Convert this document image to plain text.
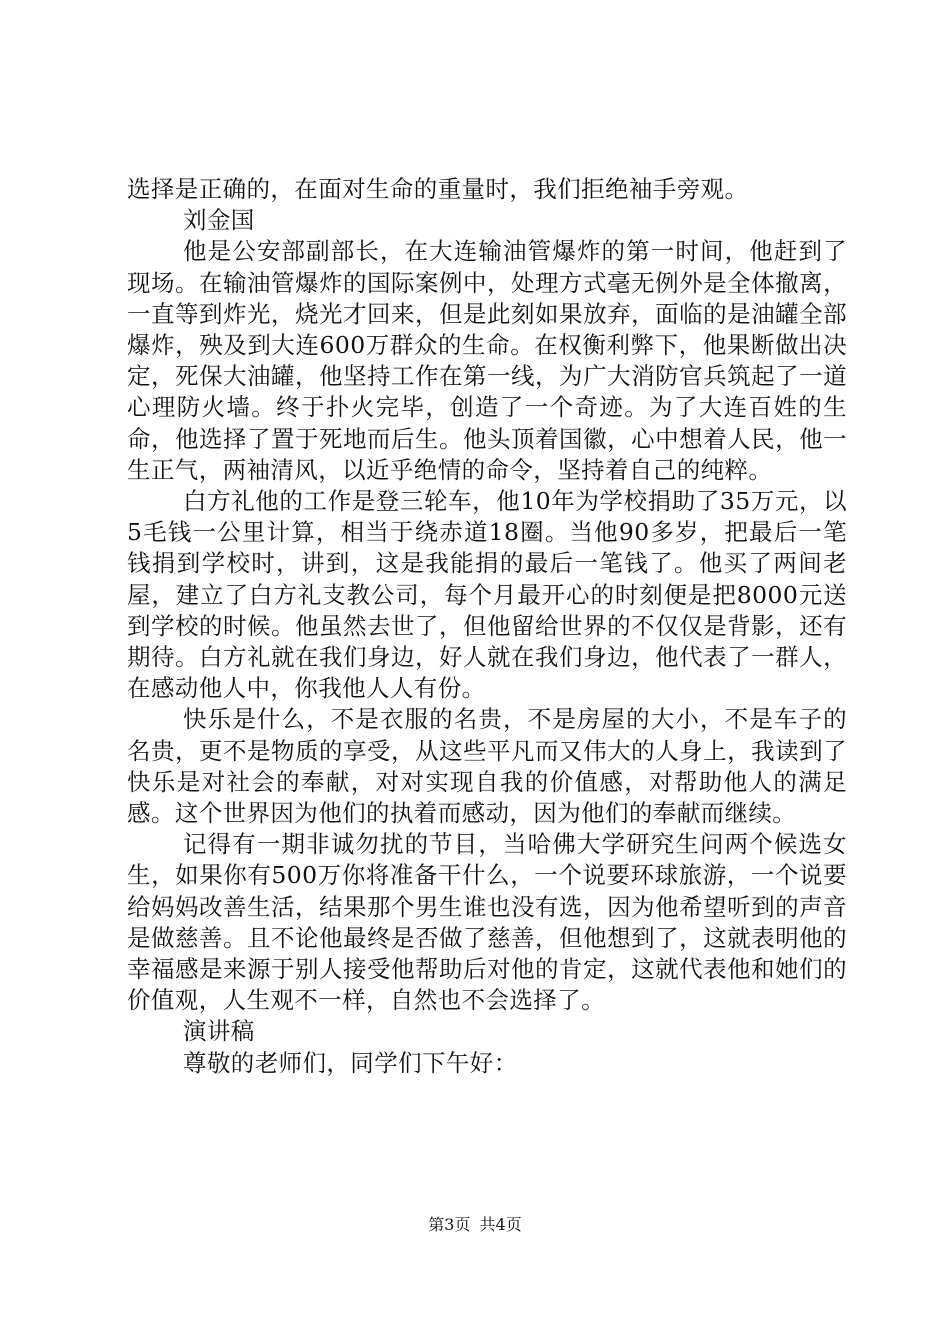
选择是正确的，在面对生命的重量时，我们拒绝袖手旁观。

刘金国

他是公安部副部长，在大连输油管爆炸的第一时间，他赶到了现场。在输油管爆炸的国际案例中，处理方式毫无例外是全体撤离，一直等到炸光，烧光才回来，但是此刻如果放弃，面临的是油罐全部爆炸，殃及到大连600万群众的生命。在权衡利弊下，他果断做出决定，死保大油罐，他坚持工作在第一线，为广大消防官兵筑起了一道心理防火墙。终于扑火完毕，创造了一个奇迹。为了大连百姓的生命，他选择了置于死地而后生。他头顶着国徽，心中想着人民，他一生正气，两袖清风，以近乎绝情的命令，坚持着自己的纯粹。

白方礼他的工作是登三轮车，他10年为学校捐助了35万元，以5毛钱一公里计算，相当于绕赤道18圈。当他90多岁，把最后一笔钱捐到学校时，讲到，这是我能捐的最后一笔钱了。他买了两间老屋，建立了白方礼支教公司，每个月最开心的时刻便是把8000元送到学校的时候。他虽然去世了，但他留给世界的不仅仅是背影，还有期待。白方礼就在我们身边，好人就在我们身边，他代表了一群人，在感动他人中，你我他人人有份。

快乐是什么，不是衣服的名贵，不是房屋的大小，不是车子的名贵，更不是物质的享受，从这些平凡而又伟大的人身上，我读到了快乐是对社会的奉献，对对实现自我的价值感，对帮助他人的满足感。这个世界因为他们的执着而感动，因为他们的奉献而继续。

记得有一期非诚勿扰的节目，当哈佛大学研究生问两个候选女生，如果你有500万你将准备干什么，一个说要环球旅游，一个说要给妈妈改善生活，结果那个男生谁也没有选，因为他希望听到的声音是做慈善。且不论他最终是否做了慈善，但他想到了，这就表明他的幸福感是来源于别人接受他帮助后对他的肯定，这就代表他和她们的价值观，人生观不一样，自然也不会选择了。

演讲稿

尊敬的老师们，同学们下午好：

第3页 共4页
